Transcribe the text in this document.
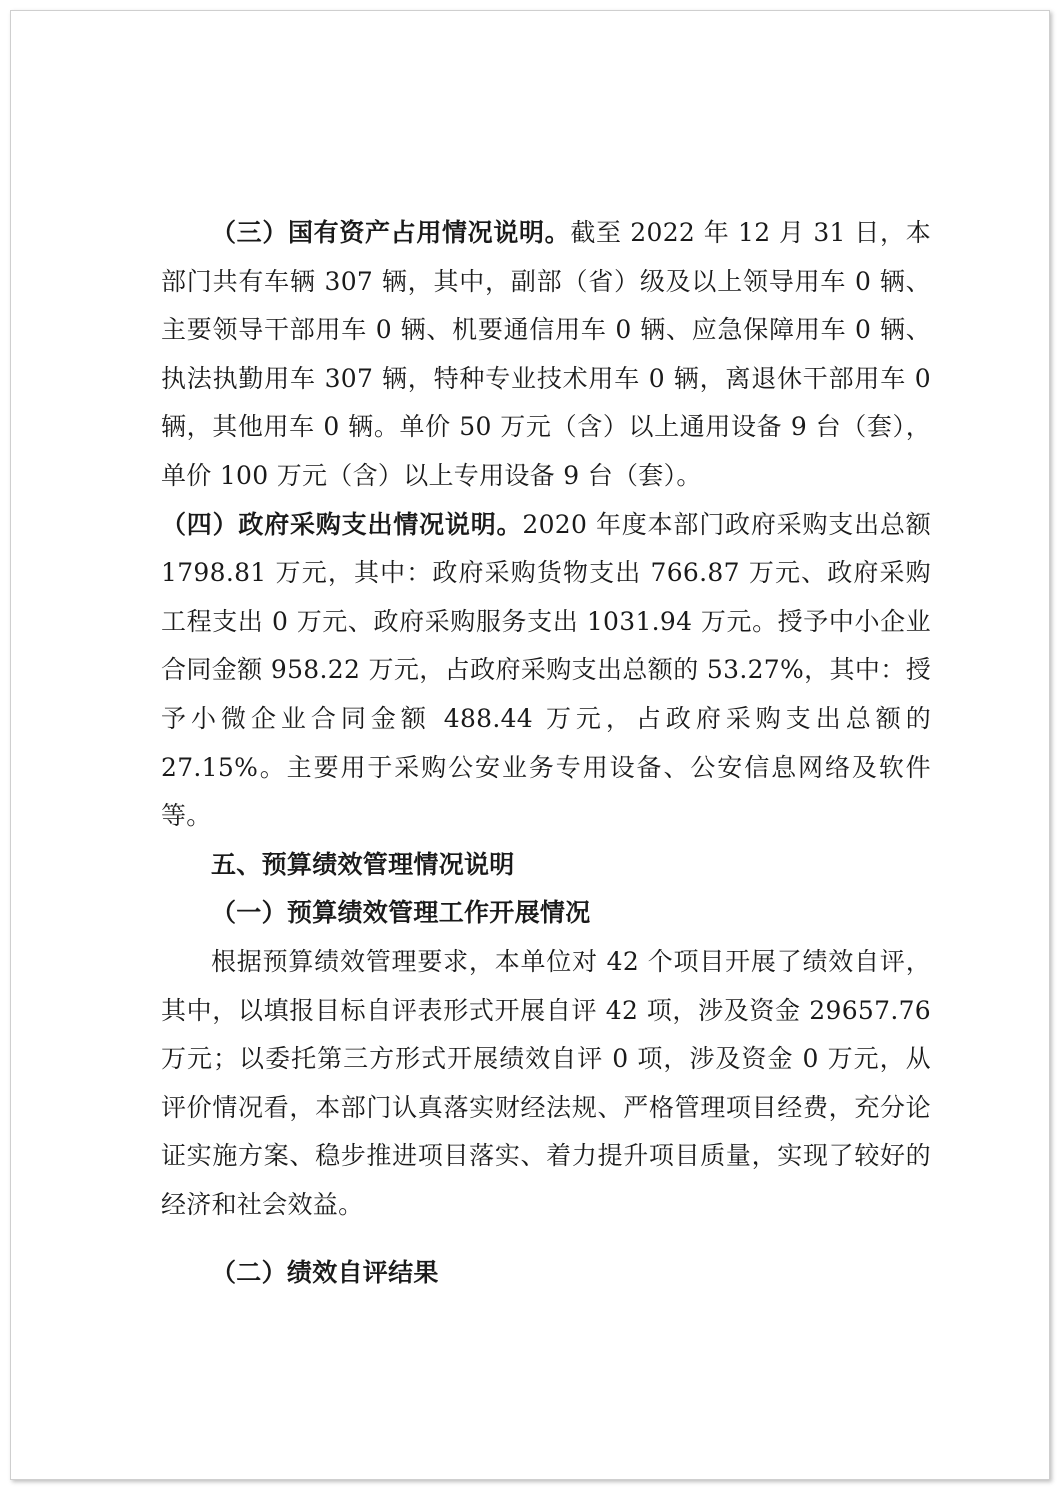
（三）国有资产占用情况说明。截至 2022 年 12 月 31 日，本部门共有车辆 307 辆，其中，副部（省）级及以上领导用车 0 辆、主要领导干部用车 0 辆、机要通信用车 0 辆、应急保障用车 0 辆、执法执勤用车 307 辆，特种专业技术用车 0 辆，离退休干部用车 0 辆，其他用车 0 辆。单价 50 万元（含）以上通用设备 9 台（套），单价 100 万元（含）以上专用设备 9 台（套）。

（四）政府采购支出情况说明。2020 年度本部门政府采购支出总额 1798.81 万元，其中：政府采购货物支出 766.87 万元、政府采购工程支出 0 万元、政府采购服务支出 1031.94 万元。授予中小企业合同金额 958.22 万元，占政府采购支出总额的 53.27%，其中：授予小微企业合同金额 488.44 万元，占政府采购支出总额的 27.15%。主要用于采购公安业务专用设备、公安信息网络及软件等。

五、预算绩效管理情况说明

（一）预算绩效管理工作开展情况

根据预算绩效管理要求，本单位对 42 个项目开展了绩效自评，其中，以填报目标自评表形式开展自评 42 项，涉及资金 29657.76 万元；以委托第三方形式开展绩效自评 0 项，涉及资金 0 万元，从评价情况看，本部门认真落实财经法规、严格管理项目经费，充分论证实施方案、稳步推进项目落实、着力提升项目质量，实现了较好的经济和社会效益。

（二）绩效自评结果
